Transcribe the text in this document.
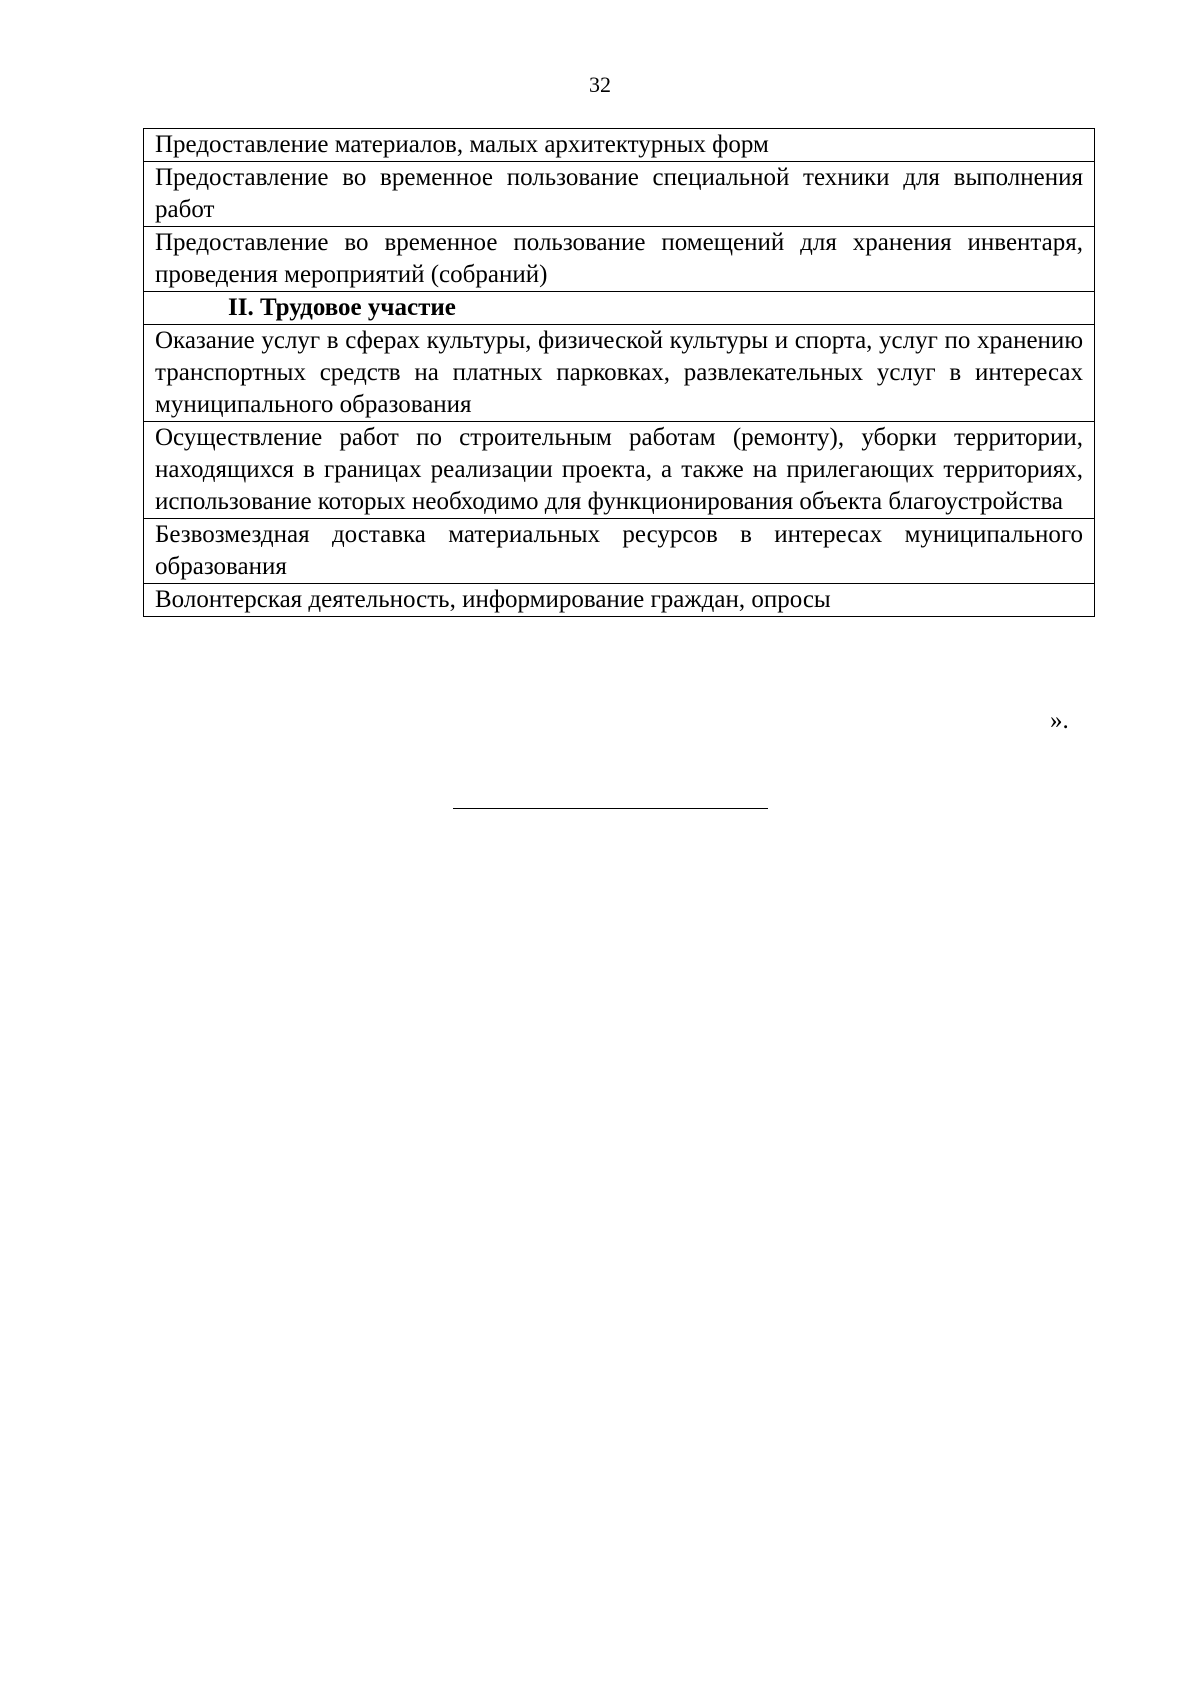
32
Предоставление материалов, малых архитектурных форм
Предоставление во временное пользование специальной техники для выполнения работ
Предоставление во временное пользование помещений для хранения инвентаря, проведения мероприятий (собраний)
II. Трудовое участие
Оказание услуг в сферах культуры, физической культуры и спорта, услуг по хранению транспортных средств на платных парковках, развлекательных услуг в интересах муниципального образования
Осуществление работ по строительным работам (ремонту), уборки территории, находящихся в границах реализации проекта, а также на прилегающих территориях, использование которых необходимо для функционирования объекта благоустройства
Безвозмездная доставка материальных ресурсов в интересах муниципального образования
Волонтерская деятельность, информирование граждан, опросы
».
